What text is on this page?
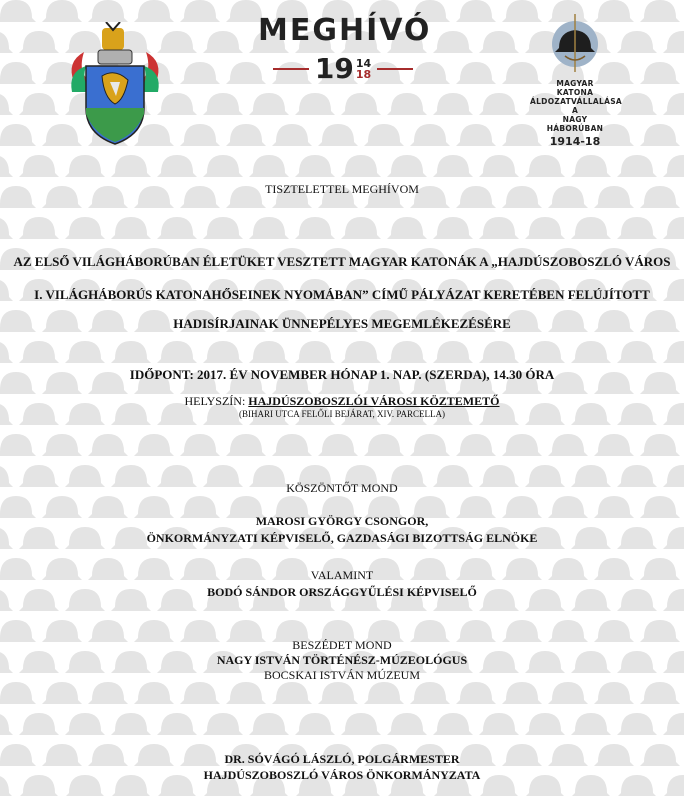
MEGHÍVÓ
19 14
18
MAGYAR
KATONA
ÁLDOZATVÁLLALÁSA
A
NAGY
HÁBORÚBAN
1914-18
TISZTELETTEL MEGHÍVOM
AZ ELSŐ VILÁGHÁBORÚBAN ÉLETÜKET VESZTETT MAGYAR KATONÁK A „HAJDÚSZOBOSZLÓ VÁROS
I. VILÁGHÁBORÚS KATONAHŐSEINEK NYOMÁBAN” CÍMŰ PÁLYÁZAT KERETÉBEN FELÚJÍTOTT
HADISÍRJAINAK ÜNNEPÉLYES MEGEMLÉKEZÉSÉRE
IDŐPONT: 2017. ÉV NOVEMBER HÓNAP 1. NAP. (SZERDA), 14.30 ÓRA
HELYSZÍN: HAJDÚSZOBOSZLÓI VÁROSI KÖZTEMETŐ
(BIHARI UTCA FELŐLI BEJÁRAT, XIV. PARCELLA)
KÖSZÖNTŐT MOND
MAROSI GYÖRGY CSONGOR,
ÖNKORMÁNYZATI KÉPVISELŐ, GAZDASÁGI BIZOTTSÁG ELNÖKE
VALAMINT
BODÓ SÁNDOR ORSZÁGGYŰLÉSI KÉPVISELŐ
BESZÉDET MOND
NAGY ISTVÁN TÖRTÉNÉSZ-MÚZEOLÓGUS
BOCSKAI ISTVÁN MÚZEUM
DR. SÓVÁGÓ LÁSZLÓ, POLGÁRMESTER
HAJDÚSZOBOSZLÓ VÁROS ÖNKORMÁNYZATA
